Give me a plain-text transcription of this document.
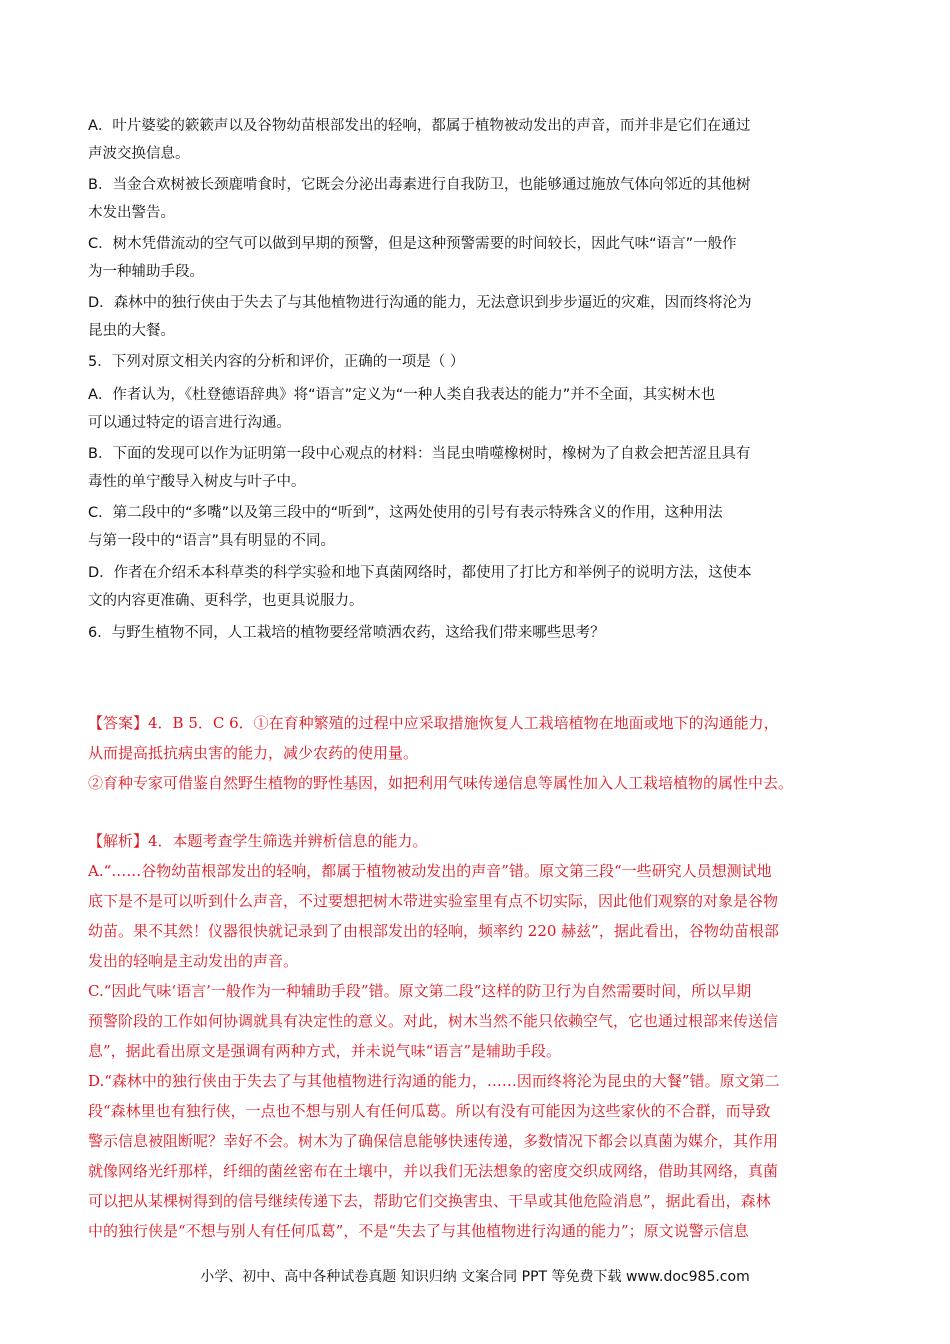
A．叶片婆娑的簌簌声以及谷物幼苗根部发出的轻响，都属于植物被动发出的声音，而并非是它们在通过
声波交换信息。
B．当金合欢树被长颈鹿啃食时，它既会分泌出毒素进行自我防卫，也能够通过施放气体向邻近的其他树
木发出警告。
C．树木凭借流动的空气可以做到早期的预警，但是这种预警需要的时间较长，因此气味“语言”一般作
为一种辅助手段。
D．森林中的独行侠由于失去了与其他植物进行沟通的能力，无法意识到步步逼近的灾难，因而终将沦为
昆虫的大餐。
5．下列对原文相关内容的分析和评价，正确的一项是（ ）
A．作者认为，《杜登德语辞典》将“语言”定义为“一种人类自我表达的能力”并不全面，其实树木也
可以通过特定的语言进行沟通。
B．下面的发现可以作为证明第一段中心观点的材料：当昆虫啃噬橡树时，橡树为了自救会把苦涩且具有
毒性的单宁酸导入树皮与叶子中。
C．第二段中的“多嘴”以及第三段中的“听到”，这两处使用的引号有表示特殊含义的作用，这种用法
与第一段中的“语言”具有明显的不同。
D．作者在介绍禾本科草类的科学实验和地下真菌网络时，都使用了打比方和举例子的说明方法，这使本
文的内容更准确、更科学，也更具说服力。
6．与野生植物不同，人工栽培的植物要经常喷洒农药，这给我们带来哪些思考？
【答案】4．B 5．C 6．①在育种繁殖的过程中应采取措施恢复人工栽培植物在地面或地下的沟通能力，
从而提高抵抗病虫害的能力，减少农药的使用量。
②育种专家可借鉴自然野生植物的野性基因，如把利用气味传递信息等属性加入人工栽培植物的属性中去。
【解析】4．本题考查学生筛选并辨析信息的能力。
A.“……谷物幼苗根部发出的轻响，都属于植物被动发出的声音”错。原文第三段“一些研究人员想测试地
底下是不是可以听到什么声音，不过要想把树木带进实验室里有点不切实际，因此他们观察的对象是谷物
幼苗。果不其然！仪器很快就记录到了由根部发出的轻响，频率约 220 赫兹”，据此看出，谷物幼苗根部
发出的轻响是主动发出的声音。
C.“因此气味‘语言’一般作为一种辅助手段”错。原文第二段“这样的防卫行为自然需要时间，所以早期
预警阶段的工作如何协调就具有决定性的意义。对此，树木当然不能只依赖空气，它也通过根部来传送信
息”，据此看出原文是强调有两种方式，并未说气味“语言”是辅助手段。
D.“森林中的独行侠由于失去了与其他植物进行沟通的能力，……因而终将沦为昆虫的大餐”错。原文第二
段“森林里也有独行侠，一点也不想与别人有任何瓜葛。所以有没有可能因为这些家伙的不合群，而导致
警示信息被阻断呢？幸好不会。树木为了确保信息能够快速传递，多数情况下都会以真菌为媒介，其作用
就像网络光纤那样，纤细的菌丝密布在土壤中，并以我们无法想象的密度交织成网络，借助其网络，真菌
可以把从某棵树得到的信号继续传递下去，帮助它们交换害虫、干旱或其他危险消息”，据此看出，森林
中的独行侠是“不想与别人有任何瓜葛”，不是“失去了与其他植物进行沟通的能力”；原文说警示信息
小学、初中、高中各种试卷真题 知识归纳 文案合同 PPT 等免费下载 www.doc985.com
